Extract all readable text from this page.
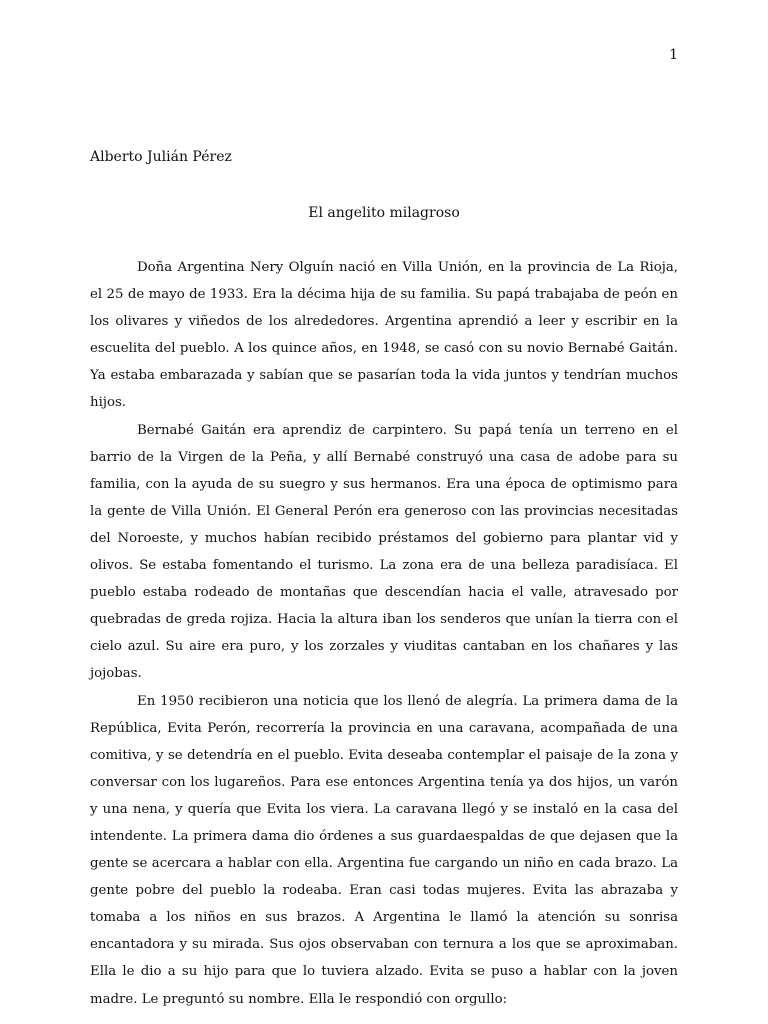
1
Alberto Julián Pérez
El angelito milagroso

Doña Argentina Nery Olguín nació en Villa Unión, en la provincia de La Rioja, el 25 de mayo de 1933. Era la décima hija de su familia. Su papá trabajaba de peón en los olivares y viñedos de los alrededores. Argentina aprendió a leer y escribir en la escuelita del pueblo. A los quince años, en 1948, se casó con su novio Bernabé Gaitán. Ya estaba embarazada y sabían que se pasarían toda la vida juntos y tendrían muchos hijos.

Bernabé Gaitán era aprendiz de carpintero. Su papá tenía un terreno en el barrio de la Virgen de la Peña, y allí Bernabé construyó una casa de adobe para su familia, con la ayuda de su suegro y sus hermanos. Era una época de optimismo para la gente de Villa Unión. El General Perón era generoso con las provincias necesitadas del Noroeste, y muchos habían recibido préstamos del gobierno para plantar vid y olivos. Se estaba fomentando el turismo. La zona era de una belleza paradisíaca. El pueblo estaba rodeado de montañas que descendían hacia el valle, atravesado por quebradas de greda rojiza. Hacia la altura iban los senderos que unían la tierra con el cielo azul. Su aire era puro, y los zorzales y viuditas cantaban en los chañares y las jojobas.

En 1950 recibieron una noticia que los llenó de alegría. La primera dama de la República, Evita Perón, recorrería la provincia en una caravana, acompañada de una comitiva, y se detendría en el pueblo. Evita deseaba contemplar el paisaje de la zona y conversar con los lugareños. Para ese entonces Argentina tenía ya dos hijos, un varón y una nena, y quería que Evita los viera. La caravana llegó y se instaló en la casa del intendente. La primera dama dio órdenes a sus guardaespaldas de que dejasen que la gente se acercara a hablar con ella. Argentina fue cargando un niño en cada brazo. La gente pobre del pueblo la rodeaba. Eran casi todas mujeres. Evita las abrazaba y tomaba a los niños en sus brazos. A Argentina le llamó la atención su sonrisa encantadora y su mirada. Sus ojos observaban con ternura a los que se aproximaban. Ella le dio a su hijo para que lo tuviera alzado. Evita se puso a hablar con la joven madre. Le preguntó su nombre. Ella le respondió con orgullo:
